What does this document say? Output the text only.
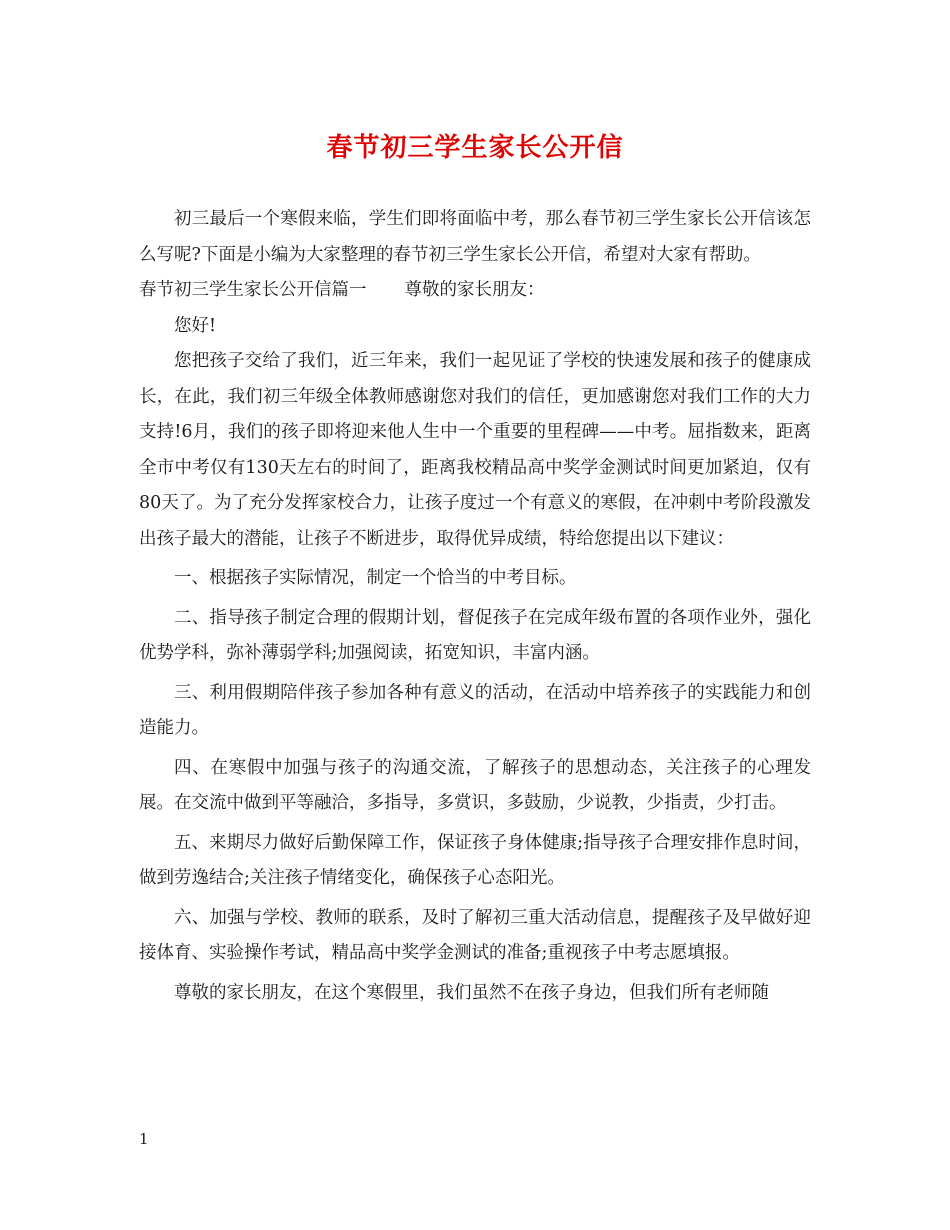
春节初三学生家长公开信

初三最后一个寒假来临，学生们即将面临中考，那么春节初三学生家长公开信该怎么写呢?下面是小编为大家整理的春节初三学生家长公开信，希望对大家有帮助。

春节初三学生家长公开信篇一 尊敬的家长朋友：

您好!

您把孩子交给了我们，近三年来，我们一起见证了学校的快速发展和孩子的健康成长，在此，我们初三年级全体教师感谢您对我们的信任，更加感谢您对我们工作的大力支持!6月，我们的孩子即将迎来他人生中一个重要的里程碑——中考。屈指数来，距离全市中考仅有130天左右的时间了，距离我校精品高中奖学金测试时间更加紧迫，仅有80天了。为了充分发挥家校合力，让孩子度过一个有意义的寒假，在冲刺中考阶段激发出孩子最大的潜能，让孩子不断进步，取得优异成绩，特给您提出以下建议：

一、根据孩子实际情况，制定一个恰当的中考目标。

二、指导孩子制定合理的假期计划，督促孩子在完成年级布置的各项作业外，强化优势学科，弥补薄弱学科;加强阅读，拓宽知识，丰富内涵。

三、利用假期陪伴孩子参加各种有意义的活动，在活动中培养孩子的实践能力和创造能力。

四、在寒假中加强与孩子的沟通交流，了解孩子的思想动态，关注孩子的心理发展。在交流中做到平等融洽，多指导，多赏识，多鼓励，少说教，少指责，少打击。

五、来期尽力做好后勤保障工作，保证孩子身体健康;指导孩子合理安排作息时间，做到劳逸结合;关注孩子情绪变化，确保孩子心态阳光。

六、加强与学校、教师的联系，及时了解初三重大活动信息，提醒孩子及早做好迎接体育、实验操作考试，精品高中奖学金测试的准备;重视孩子中考志愿填报。

尊敬的家长朋友，在这个寒假里，我们虽然不在孩子身边，但我们所有老师随

1
